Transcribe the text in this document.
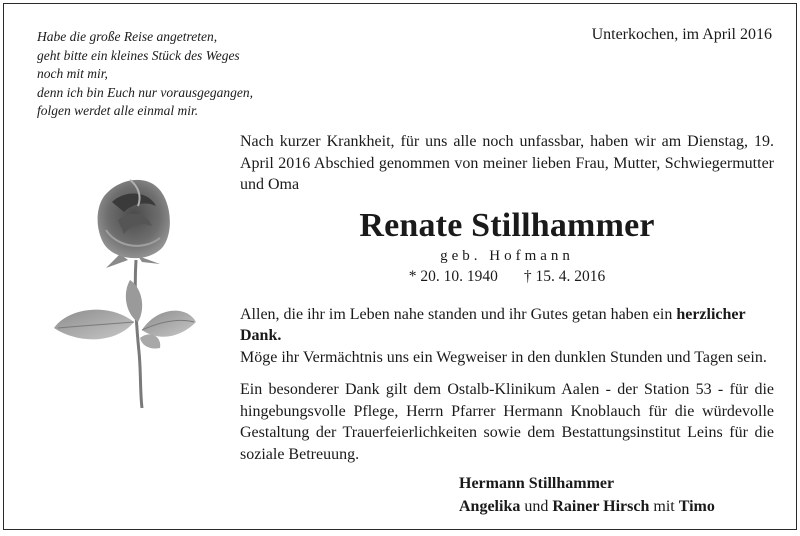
Habe die große Reise angetreten,
geht bitte ein kleines Stück des Weges
noch mit mir,
denn ich bin Euch nur vorausgegangen,
folgen werdet alle einmal mir.
Unterkochen, im April 2016
Nach kurzer Krankheit, für uns alle noch unfassbar, haben wir am Dienstag, 19. April 2016 Abschied genommen von meiner lieben Frau, Mutter, Schwiegermutter und Oma
Renate Stillhammer
geb. Hofmann
* 20. 10. 1940 † 15. 4. 2016
Allen, die ihr im Leben nahe standen und ihr Gutes getan haben ein herzlicher Dank.
Möge ihr Vermächtnis uns ein Wegweiser in den dunklen Stunden und Tagen sein.
Ein besonderer Dank gilt dem Ostalb-Klinikum Aalen - der Station 53 - für die hingebungsvolle Pflege, Herrn Pfarrer Hermann Knoblauch für die würdevolle Gestaltung der Trauerfeierlichkeiten sowie dem Bestattungsinstitut Leins für die soziale Betreuung.
Hermann Stillhammer
Angelika und Rainer Hirsch mit Timo
